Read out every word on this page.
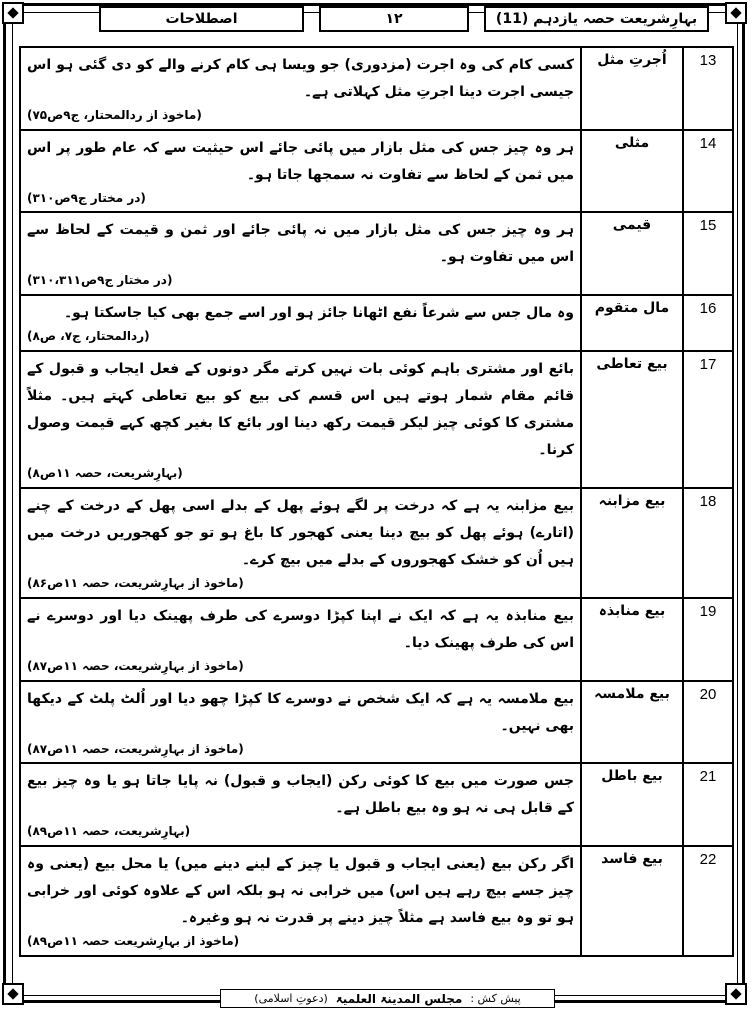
بہارِشریعت حصہ یازدہم (11)
۱۲
اصطلاحات
13	اُجرتِ مثل	کسی کام کی وہ اجرت (مزدوری) جو ویسا ہی کام کرنے والے کو دی گئی ہو اس جیسی اجرت دینا اجرتِ مثل کہلاتی ہے۔
(ماخوذ از ردالمحتار، ج۹ص۷۵)

14	مثلی	ہر وہ چیز جس کی مثل بازار میں پائی جائے اس حیثیت سے کہ عام طور پر اس میں ثمن کے لحاظ سے تفاوت نہ سمجھا جاتا ہو۔
(در مختار ج۹ص۳۱۰)

15	قیمی	ہر وہ چیز جس کی مثل بازار میں نہ پائی جائے اور ثمن و قیمت کے لحاظ سے اس میں تفاوت ہو۔
(در مختار ج۹ص۳۱۰،۳۱۱)

16	مال متقوم	وہ مال جس سے شرعاً نفع اٹھانا جائز ہو اور اسے جمع بھی کیا جاسکتا ہو۔
(ردالمحتار، ج۷، ص۸)

17	بیع تعاطی	بائع اور مشتری باہم کوئی بات نہیں کرتے مگر دونوں کے فعل ایجاب و قبول کے قائم مقام شمار ہوتے ہیں اس قسم کی بیع کو بیع تعاطی کہتے ہیں۔ مثلاً مشتری کا کوئی چیز لیکر قیمت رکھ دینا اور بائع کا بغیر کچھ کہے قیمت وصول کرنا۔
(بہارِشریعت، حصہ ۱۱ص۸)

18	بیع مزابنہ	بیع مزابنہ یہ ہے کہ درخت پر لگے ہوئے پھل کے بدلے اسی پھل کے درخت کے چنے (اتارے) ہوئے پھل کو بیچ دینا یعنی کھجور کا باغ ہو تو جو کھجوریں درخت میں ہیں اُن کو خشک کھجوروں کے بدلے میں بیچ کرے۔
(ماخوذ از بہارِشریعت، حصہ ۱۱ص۸۶)

19	بیع منابذہ	بیع منابذہ یہ ہے کہ ایک نے اپنا کپڑا دوسرے کی طرف پھینک دیا اور دوسرے نے اس کی طرف پھینک دیا۔
(ماخوذ از بہارِشریعت، حصہ ۱۱ص۸۷)

20	بیع ملامسہ	بیع ملامسہ یہ ہے کہ ایک شخص نے دوسرے کا کپڑا چھو دیا اور اُلٹ پلٹ کے دیکھا بھی نہیں۔
(ماخوذ از بہارِشریعت، حصہ ۱۱ص۸۷)

21	بیع باطل	جس صورت میں بیع کا کوئی رکن (ایجاب و قبول) نہ پایا جاتا ہو یا وہ چیز بیع کے قابل ہی نہ ہو وہ بیع باطل ہے۔
(بہارِشریعت، حصہ ۱۱ص۸۹)

22	بیع فاسد	اگر رکن بیع (یعنی ایجاب و قبول یا چیز کے لینے دینے میں) یا محل بیع (یعنی وہ چیز جسے بیچ رہے ہیں اس) میں خرابی نہ ہو بلکہ اس کے علاوہ کوئی اور خرابی ہو تو وہ بیع فاسد ہے مثلاً چیز دینے پر قدرت نہ ہو وغیرہ۔
(ماخوذ از بہارِشریعت حصہ ۱۱ص۸۹)
پیش کش :
مجلس المدینۃ العلمیۃ
(دعوتِ اسلامی)
